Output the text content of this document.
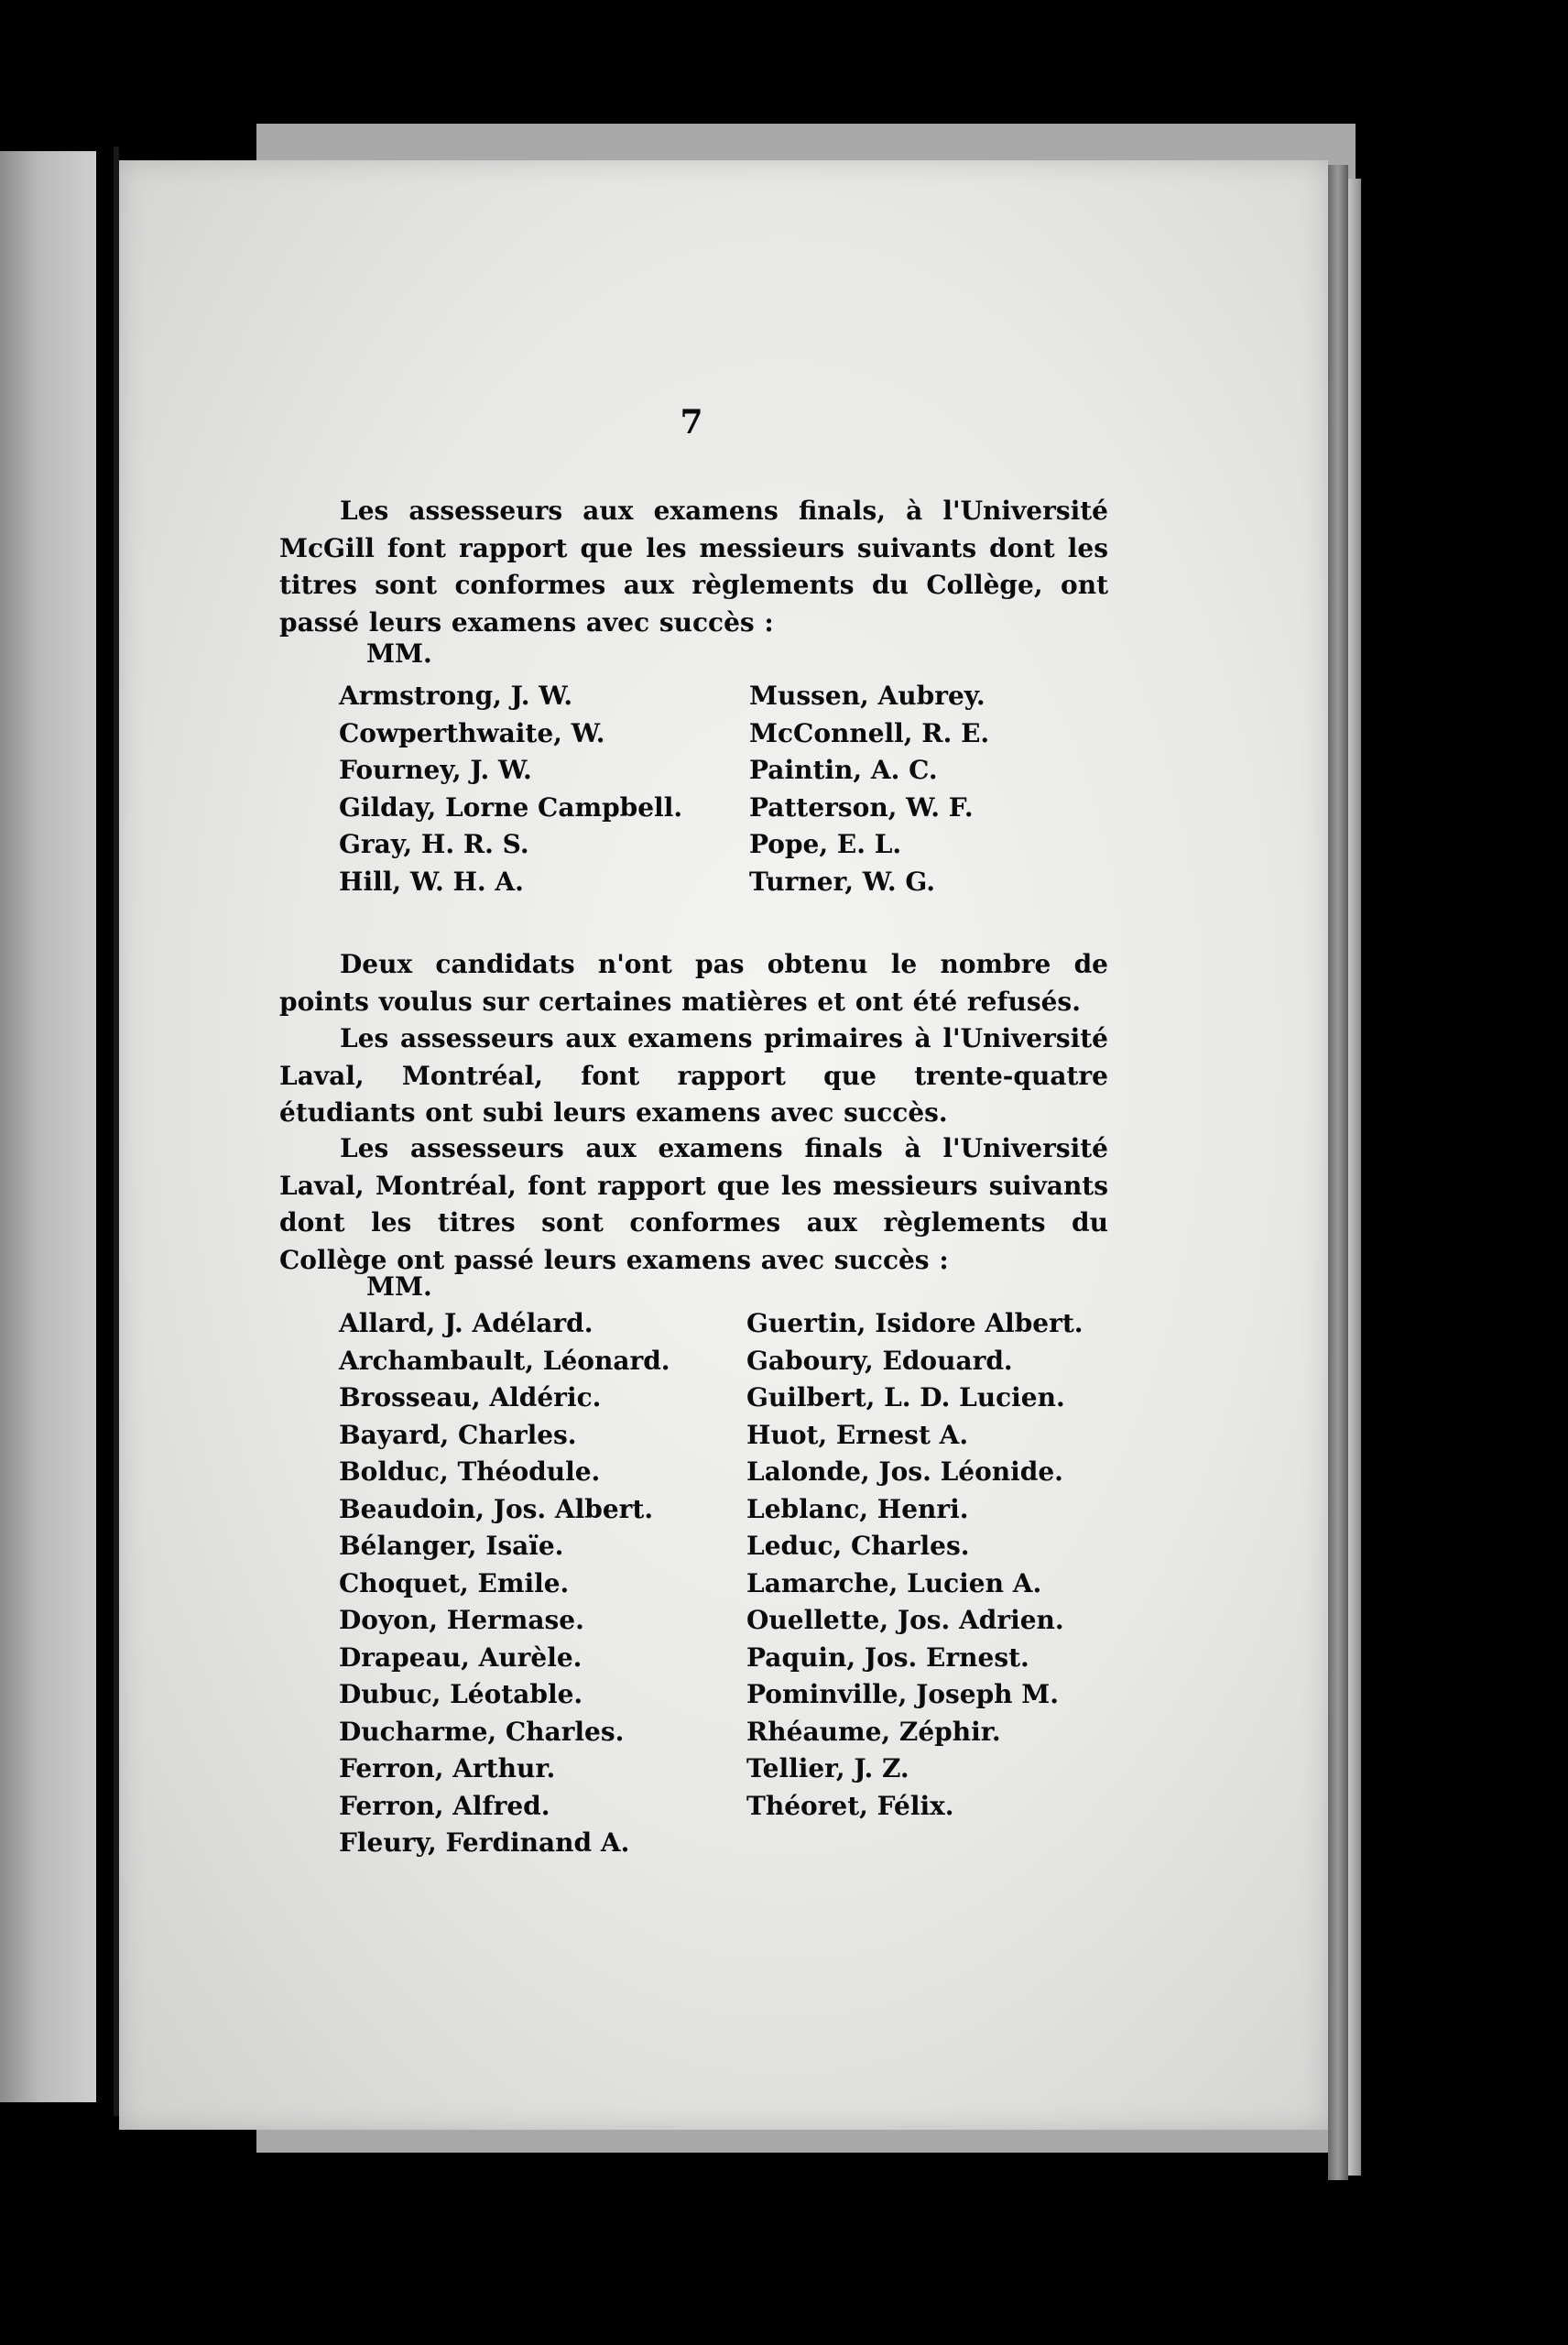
7

Les assesseurs aux examens finals, à l'Université McGill font rapport que les messieurs suivants dont les titres sont conformes aux règlements du Collège, ont passé leurs examens avec succès :

MM.
Armstrong, J. W.
Cowperthwaite, W.
Fourney, J. W.
Gilday, Lorne Campbell.
Gray, H. R. S.
Hill, W. H. A.
Mussen, Aubrey.
McConnell, R. E.
Paintin, A. C.
Patterson, W. F.
Pope, E. L.
Turner, W. G.

Deux candidats n'ont pas obtenu le nombre de points voulus sur certaines matières et ont été refusés.

Les assesseurs aux examens primaires à l'Université Laval, Montréal, font rapport que trente-quatre étudiants ont subi leurs examens avec succès.

Les assesseurs aux examens finals à l'Université Laval, Montréal, font rapport que les messieurs suivants dont les titres sont conformes aux règlements du Collège ont passé leurs examens avec succès :

MM.
Allard, J. Adélard.
Archambault, Léonard.
Brosseau, Aldéric.
Bayard, Charles.
Bolduc, Théodule.
Beaudoin, Jos. Albert.
Bélanger, Isaïe.
Choquet, Emile.
Doyon, Hermase.
Drapeau, Aurèle.
Dubuc, Léotable.
Ducharme, Charles.
Ferron, Arthur.
Ferron, Alfred.
Fleury, Ferdinand A.
Guertin, Isidore Albert.
Gaboury, Edouard.
Guilbert, L. D. Lucien.
Huot, Ernest A.
Lalonde, Jos. Léonide.
Leblanc, Henri.
Leduc, Charles.
Lamarche, Lucien A.
Ouellette, Jos. Adrien.
Paquin, Jos. Ernest.
Pominville, Joseph M.
Rhéaume, Zéphir.
Tellier, J. Z.
Théoret, Félix.
